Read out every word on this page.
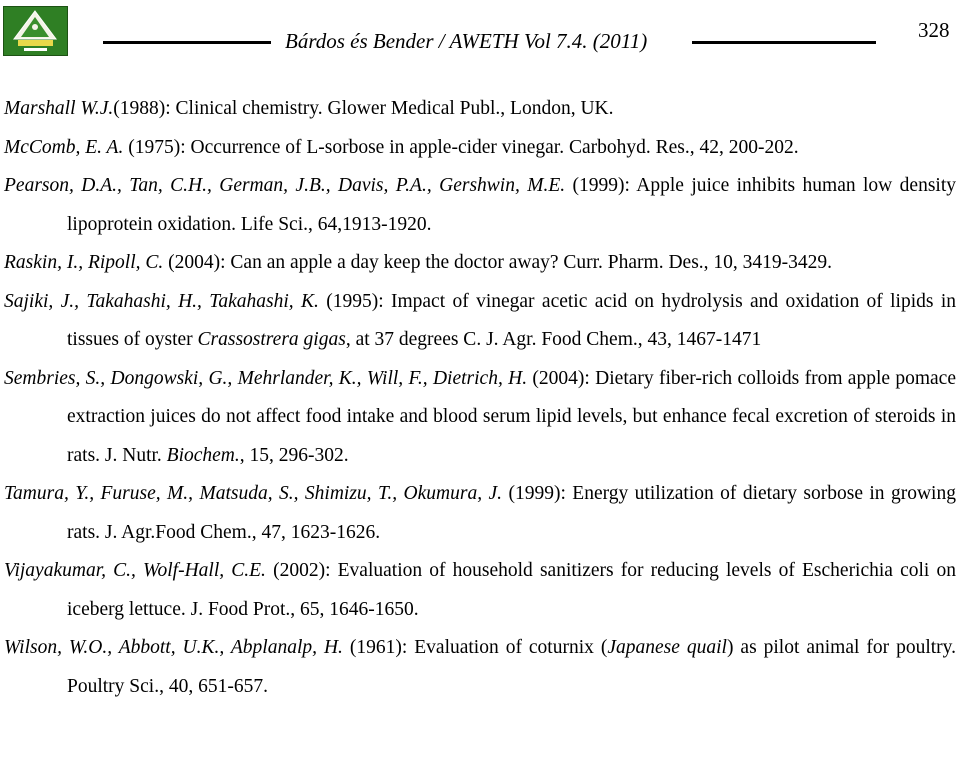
Bárdos és Bender / AWETH Vol 7.4. (2011)	328

Marshall W.J.(1988): Clinical chemistry. Glower Medical Publ., London, UK.

McComb, E. A. (1975): Occurrence of L-sorbose in apple-cider vinegar. Carbohyd. Res., 42, 200-202.

Pearson, D.A., Tan, C.H., German, J.B., Davis, P.A., Gershwin, M.E. (1999): Apple juice inhibits human low density lipoprotein oxidation. Life Sci., 64,1913-1920.

Raskin, I., Ripoll, C. (2004): Can an apple a day keep the doctor away? Curr. Pharm. Des., 10, 3419-3429.

Sajiki, J., Takahashi, H., Takahashi, K. (1995): Impact of vinegar acetic acid on hydrolysis and oxidation of lipids in tissues of oyster Crassostrera gigas, at 37 degrees C. J. Agr. Food Chem., 43, 1467-1471

Sembries, S., Dongowski, G., Mehrlander, K., Will, F., Dietrich, H. (2004): Dietary fiber-rich colloids from apple pomace extraction juices do not affect food intake and blood serum lipid levels, but enhance fecal excretion of steroids in rats. J. Nutr. Biochem., 15, 296-302.

Tamura, Y., Furuse, M., Matsuda, S., Shimizu, T., Okumura, J. (1999): Energy utilization of dietary sorbose in growing rats. J. Agr.Food Chem., 47, 1623-1626.

Vijayakumar, C., Wolf-Hall, C.E. (2002): Evaluation of household sanitizers for reducing levels of Escherichia coli on iceberg lettuce. J. Food Prot., 65, 1646-1650.

Wilson, W.O., Abbott, U.K., Abplanalp, H. (1961): Evaluation of coturnix (Japanese quail) as pilot animal for poultry. Poultry Sci., 40, 651-657.
